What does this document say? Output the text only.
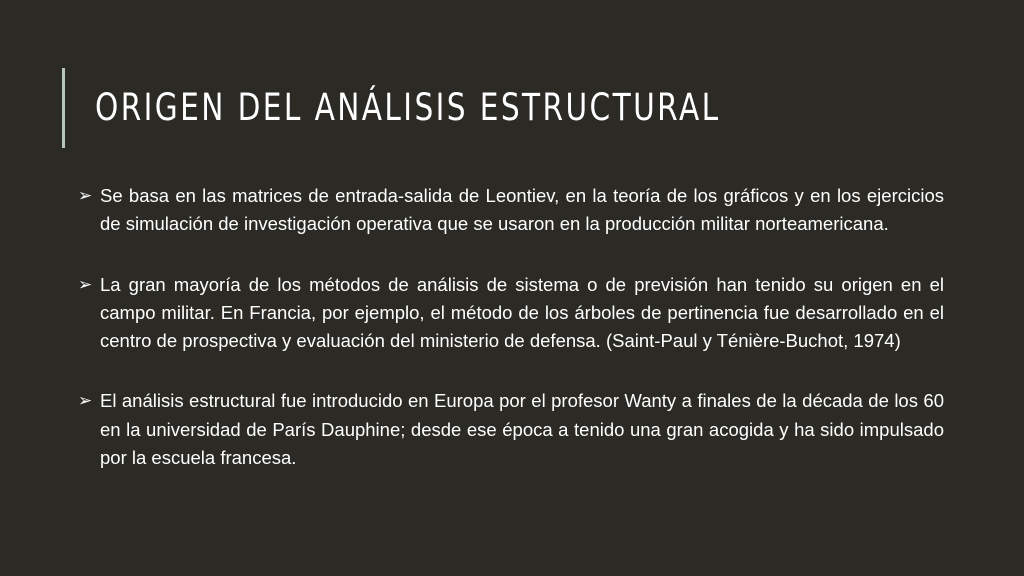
ORIGEN DEL ANÁLISIS ESTRUCTURAL

➢ Se basa en las matrices de entrada-salida de Leontiev, en la teoría de los gráficos y en los ejercicios de simulación de investigación operativa que se usaron en la producción militar norteamericana.

➢ La gran mayoría de los métodos de análisis de sistema o de previsión han tenido su origen en el campo militar. En Francia, por ejemplo, el método de los árboles de pertinencia fue desarrollado en el centro de prospectiva y evaluación del ministerio de defensa. (Saint-Paul y Ténière-Buchot, 1974)

➢ El análisis estructural fue introducido en Europa por el profesor Wanty a finales de la década de los 60 en la universidad de París Dauphine; desde ese época a tenido una gran acogida y ha sido impulsado por la escuela francesa.
